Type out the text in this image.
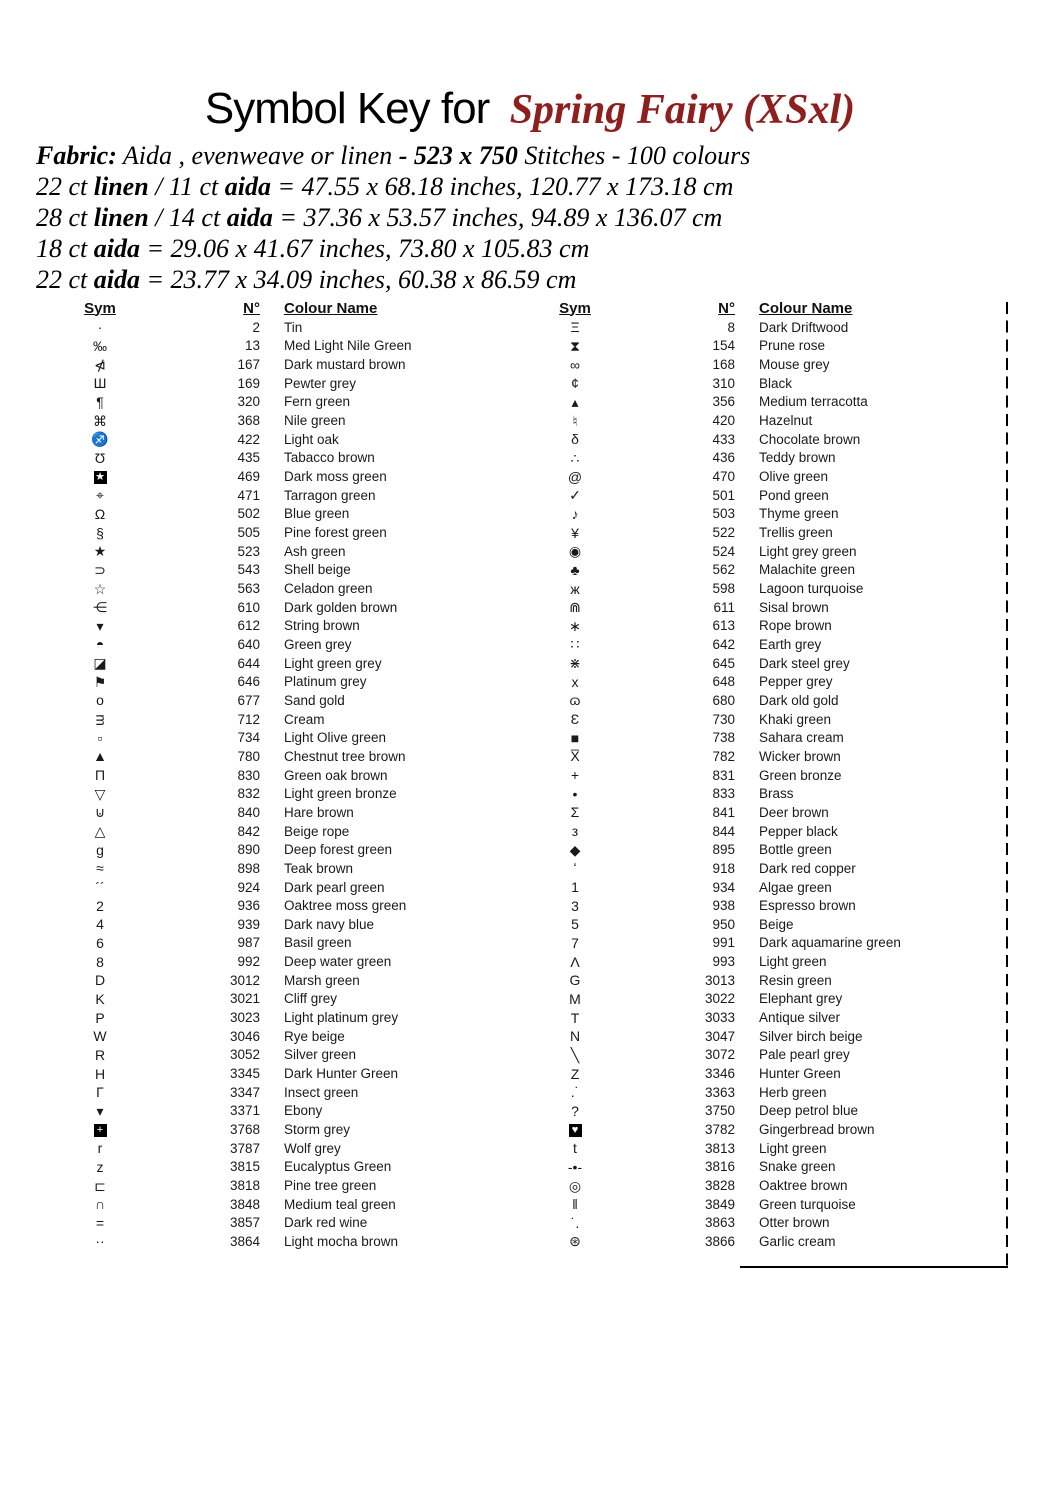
Symbol Key for Spring Fairy (XSxl)
Fabric: Aida , evenweave or linen - 523 x 750 Stitches - 100 colours
22 ct linen / 11 ct aida = 47.55 x 68.18 inches, 120.77 x 173.18 cm
28 ct linen / 14 ct aida = 37.36 x 53.57 inches, 94.89 x 136.07 cm
18 ct aida = 29.06 x 41.67 inches, 73.80 x 105.83 cm
22 ct aida = 23.77 x 34.09 inches, 60.38 x 86.59 cm
Sym	N°	Colour Name
·	2	Tin
‰	13	Med Light Nile Green
⋪	167	Dark mustard brown
Ш	169	Pewter grey
¶	320	Fern green
⌘	368	Nile green
♐	422	Light oak
Ʊ	435	Tabacco brown
★	469	Dark moss green
⌖	471	Tarragon green
Ω	502	Blue green
§	505	Pine forest green
★	523	Ash green
⊃	543	Shell beige
☆	563	Celadon green
⋲	610	Dark golden brown
▾	612	String brown
◓	640	Green grey
◪	644	Light green grey
⚑	646	Platinum grey
o	677	Sand gold
ᴟ	712	Cream
▫	734	Light Olive green
▲	780	Chestnut tree brown
Π	830	Green oak brown
▽	832	Light green bronze
⊍	840	Hare brown
△	842	Beige rope
g	890	Deep forest green
≈	898	Teak brown
´´	924	Dark pearl green
2	936	Oaktree moss green
4	939	Dark navy blue
6	987	Basil green
8	992	Deep water green
D	3012	Marsh green
K	3021	Cliff grey
P	3023	Light platinum grey
W	3046	Rye beige
R	3052	Silver green
H	3345	Dark Hunter Green
Γ	3347	Insect green
▾	3371	Ebony
+	3768	Storm grey
r	3787	Wolf grey
z	3815	Eucalyptus Green
⊏	3818	Pine tree green
∩	3848	Medium teal green
=	3857	Dark red wine
··	3864	Light mocha brown
Sym	N°	Colour Name
Ξ	8	Dark Driftwood
⧗	154	Prune rose
∞	168	Mouse grey
¢	310	Black
▴	356	Medium terracotta
♮	420	Hazelnut
δ	433	Chocolate brown
∴	436	Teddy brown
@	470	Olive green
✓	501	Pond green
♪	503	Thyme green
¥	522	Trellis green
◉	524	Light grey green
♣	562	Malachite green
ж	598	Lagoon turquoise
⋒	611	Sisal brown
∗	613	Rope brown
∷	642	Earth grey
⋇	645	Dark steel grey
x	648	Pepper grey
ɷ	680	Dark old gold
Ɛ	730	Khaki green
■	738	Sahara cream
X̅	782	Wicker brown
+	831	Green bronze
•	833	Brass
Σ	841	Deer brown
ᴈ	844	Pepper black
◆	895	Bottle green
ʻ	918	Dark red copper
1	934	Algae green
3	938	Espresso brown
5	950	Beige
7	991	Dark aquamarine green
Λ	993	Light green
G	3013	Resin green
M	3022	Elephant grey
T	3033	Antique silver
N	3047	Silver birch beige
╲	3072	Pale pearl grey
Z	3346	Hunter Green
.˙	3363	Herb green
?	3750	Deep petrol blue
♥	3782	Gingerbread brown
t	3813	Light green
-•-	3816	Snake green
◎	3828	Oaktree brown
‖	3849	Green turquoise
˙.	3863	Otter brown
⊛	3866	Garlic cream
